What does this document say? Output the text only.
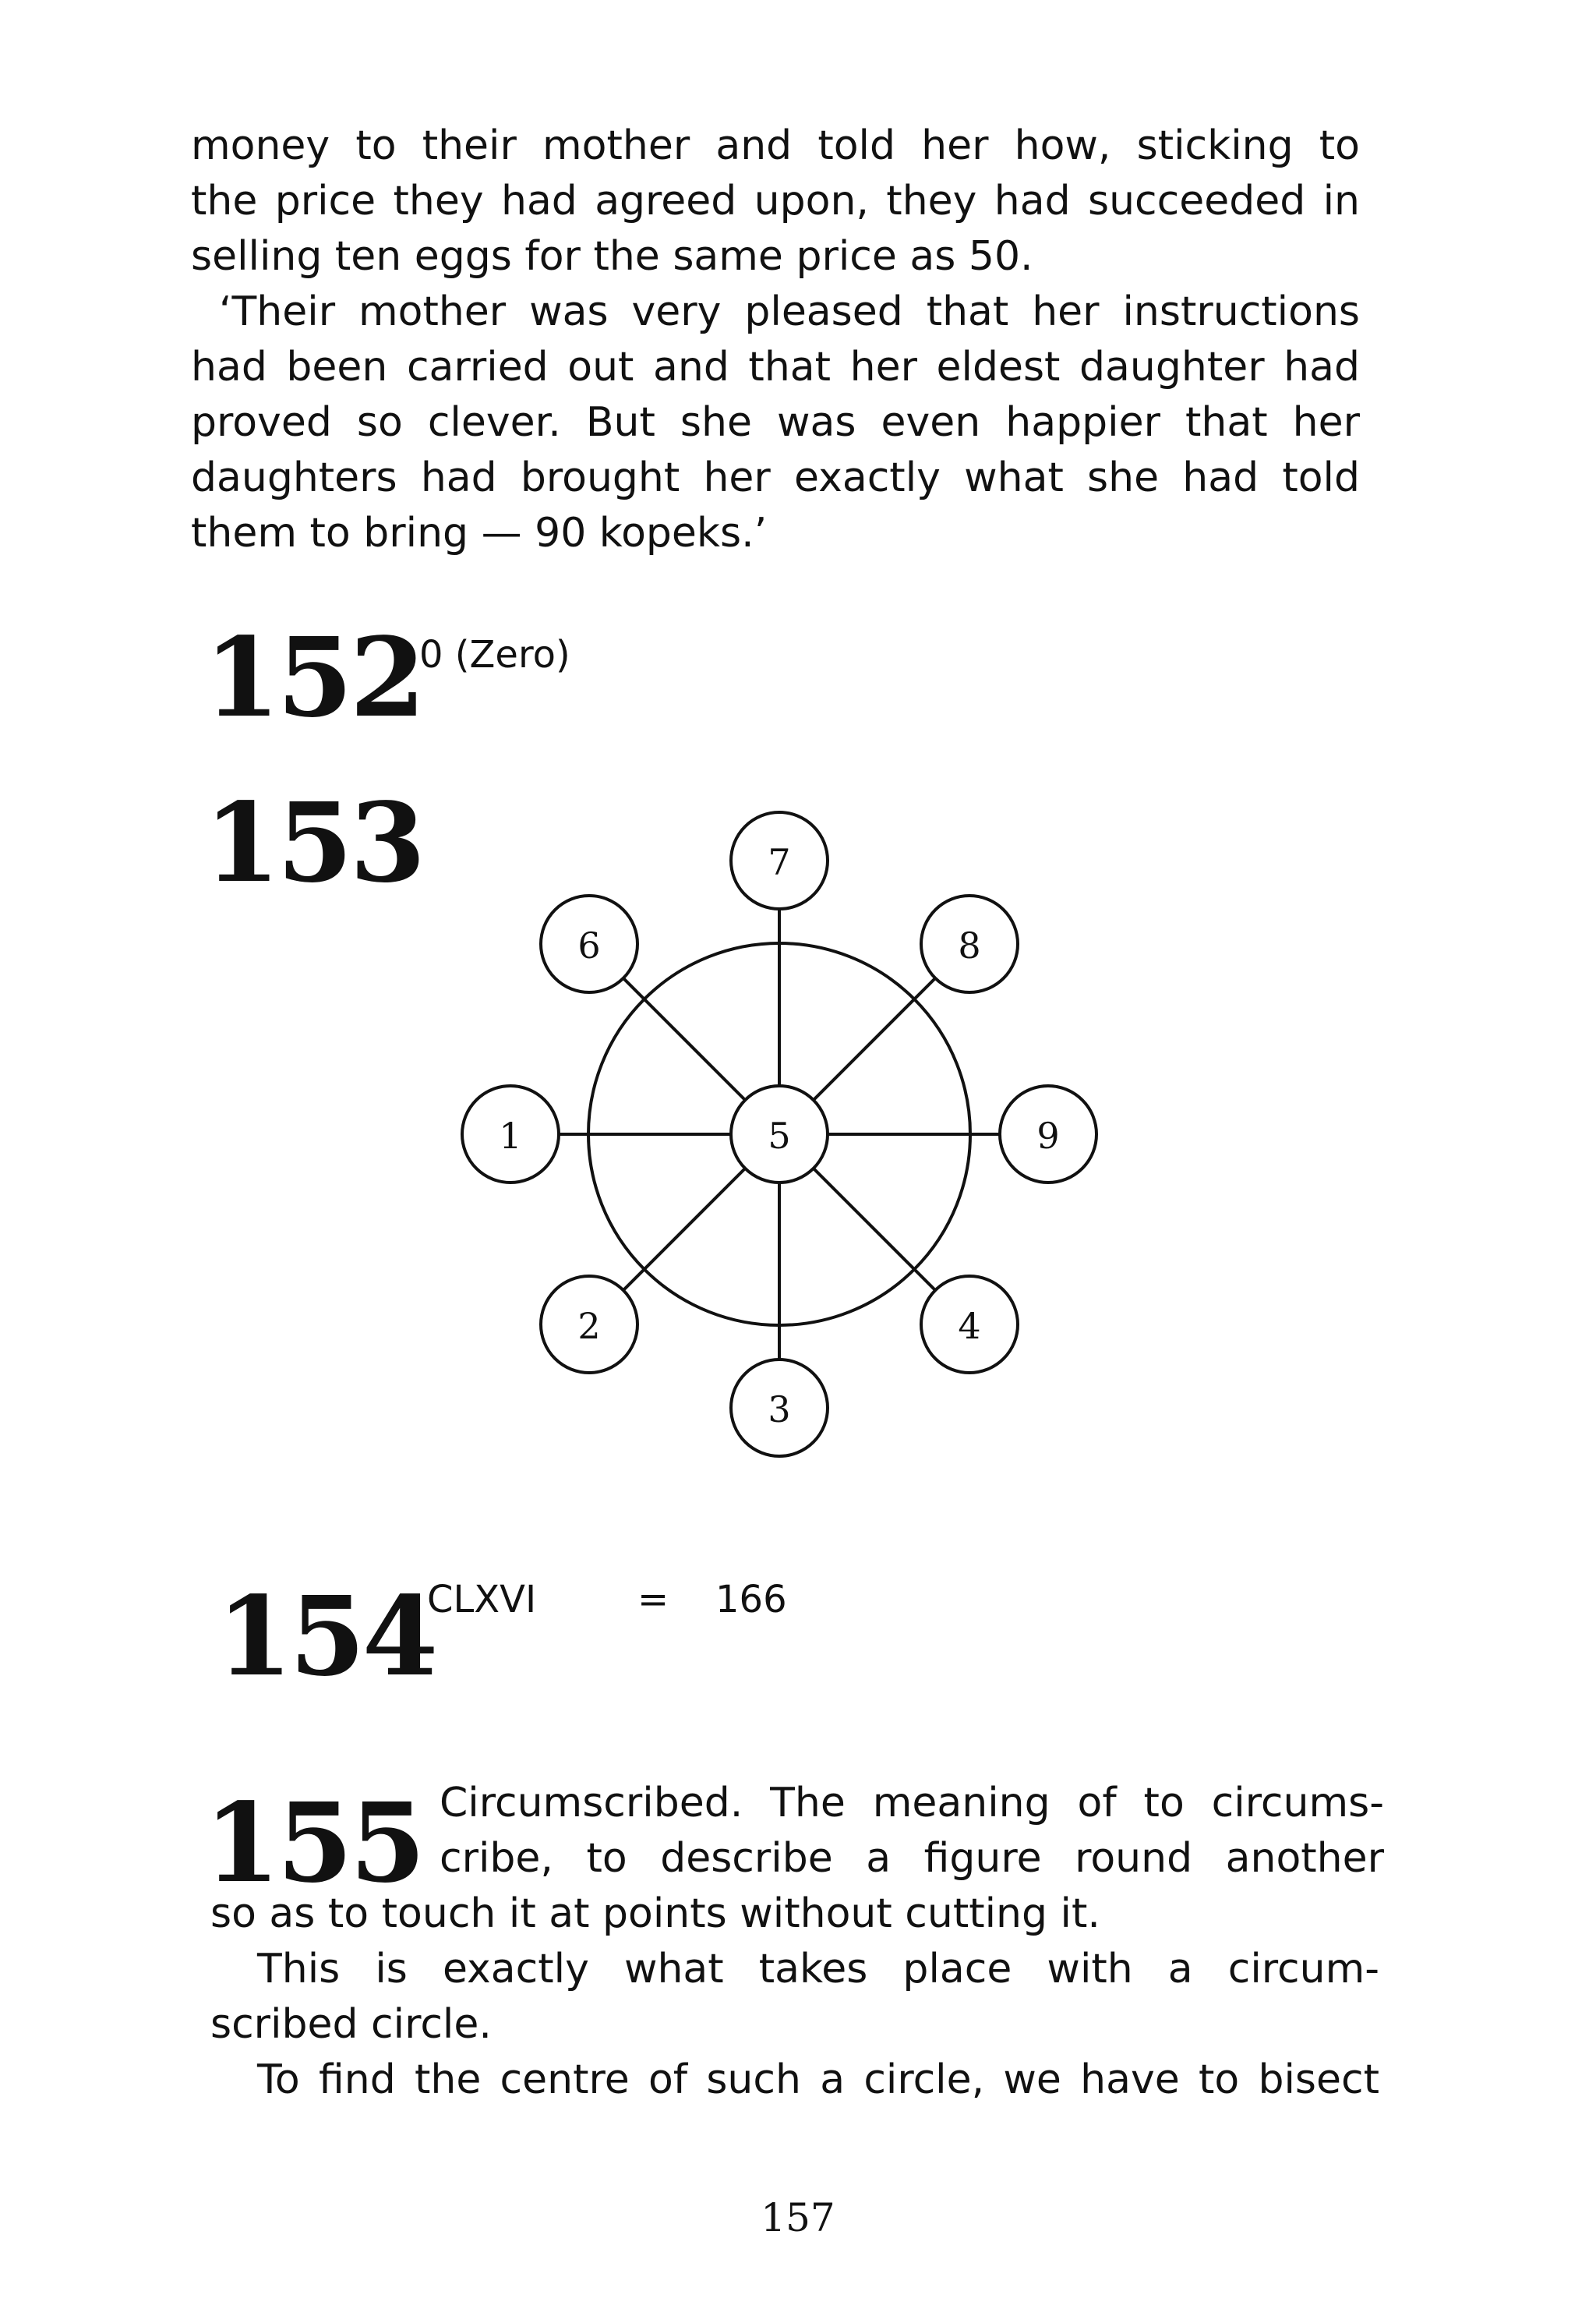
money to their mother and told her how, sticking to
the price they had agreed upon, they had succeeded in
selling ten eggs for the same price as 50.
‘Their mother was very pleased that her instructions
had been carried out and that her eldest daughter had
proved so clever. But she was even happier that her
daughters had brought her exactly what she had told
them to bring — 90 kopeks.’
152
0 (Zero)
153
5
7
8
9
4
3
2
1
6
154
CLXVI	= 166
155 Circumscribed. The meaning of to circums-
cribe, to describe a figure round another
so as to touch it at points without cutting it.
This is exactly what takes place with a circum-
scribed circle.
To find the centre of such a circle, we have to bisect
157
